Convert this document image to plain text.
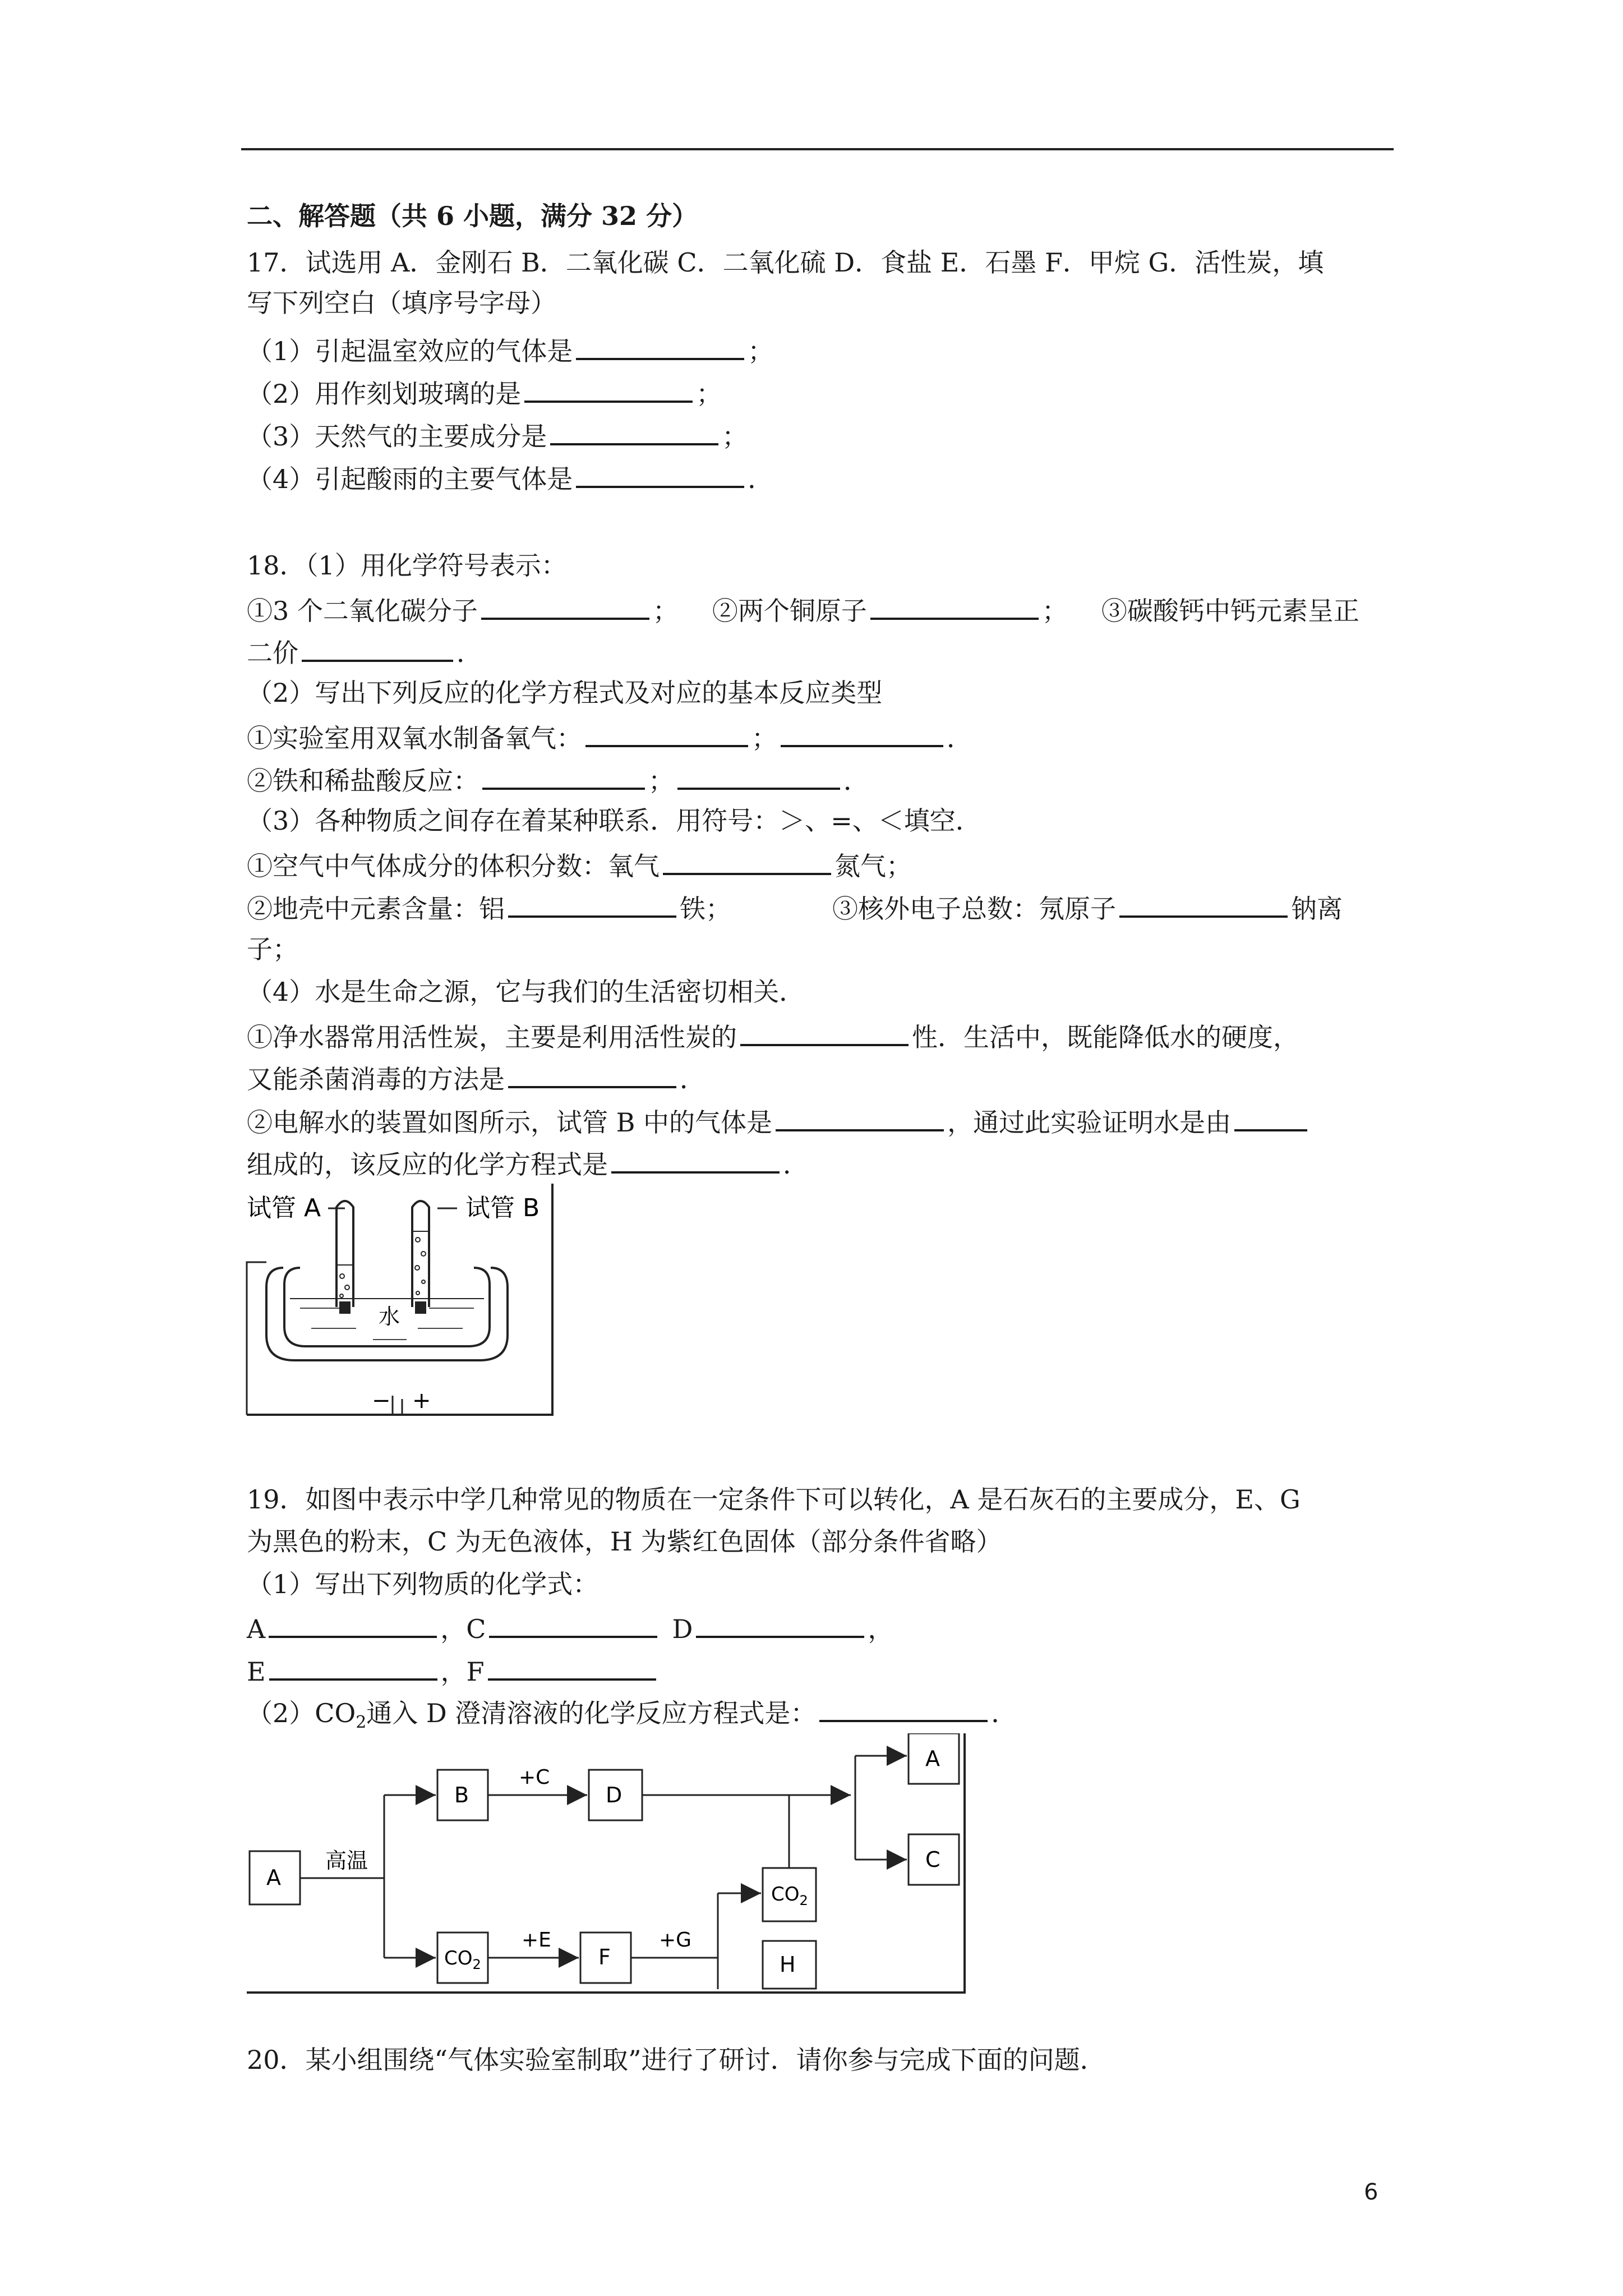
二、解答题（共 6 小题，满分 32 分）
17．试选用 A．金刚石 B．二氧化碳 C．二氧化硫 D．食盐 E．石墨 F．甲烷 G．活性炭，填
写下列空白（填序号字母）
（1）引起温室效应的气体是	；
（2）用作刻划玻璃的是	；
（3）天然气的主要成分是	；
（4）引起酸雨的主要气体是	．
18．（1）用化学符号表示：
①3 个二氧化碳分子	； ②两个铜原子	； ③碳酸钙中钙元素呈正
二价	．
（2）写出下列反应的化学方程式及对应的基本反应类型
①实验室用双氧水制备氧气：	；	．
②铁和稀盐酸反应：	；	．
（3）各种物质之间存在着某种联系．用符号：＞、=、＜填空．
①空气中气体成分的体积分数：氧气	氮气；
②地壳中元素含量：铝	铁；	③核外电子总数：氖原子	钠离
子；
（4）水是生命之源，它与我们的生活密切相关．
①净水器常用活性炭，主要是利用活性炭的	性．生活中，既能降低水的硬度，
又能杀菌消毒的方法是	．
②电解水的装置如图所示，试管 B 中的气体是	，通过此实验证明水是由
组成的，该反应的化学方程式是	．
试管 A	试管 B
水
− +
19．如图中表示中学几种常见的物质在一定条件下可以转化，A 是石灰石的主要成分，E、G
为黑色的粉末，C 为无色液体，H 为紫红色固体（部分条件省略）
（1）写出下列物质的化学式：
A	，C	D	，
E	，F
$(2)CO_2$通入 D 澄清溶液的化学反应方程式是：	．
A
高温
B
+C
D
$CO_2$
+E
F
+G
$CO_2$
H
A
C
20．某小组围绕“气体实验室制取”进行了研讨．请你参与完成下面的问题．
6
